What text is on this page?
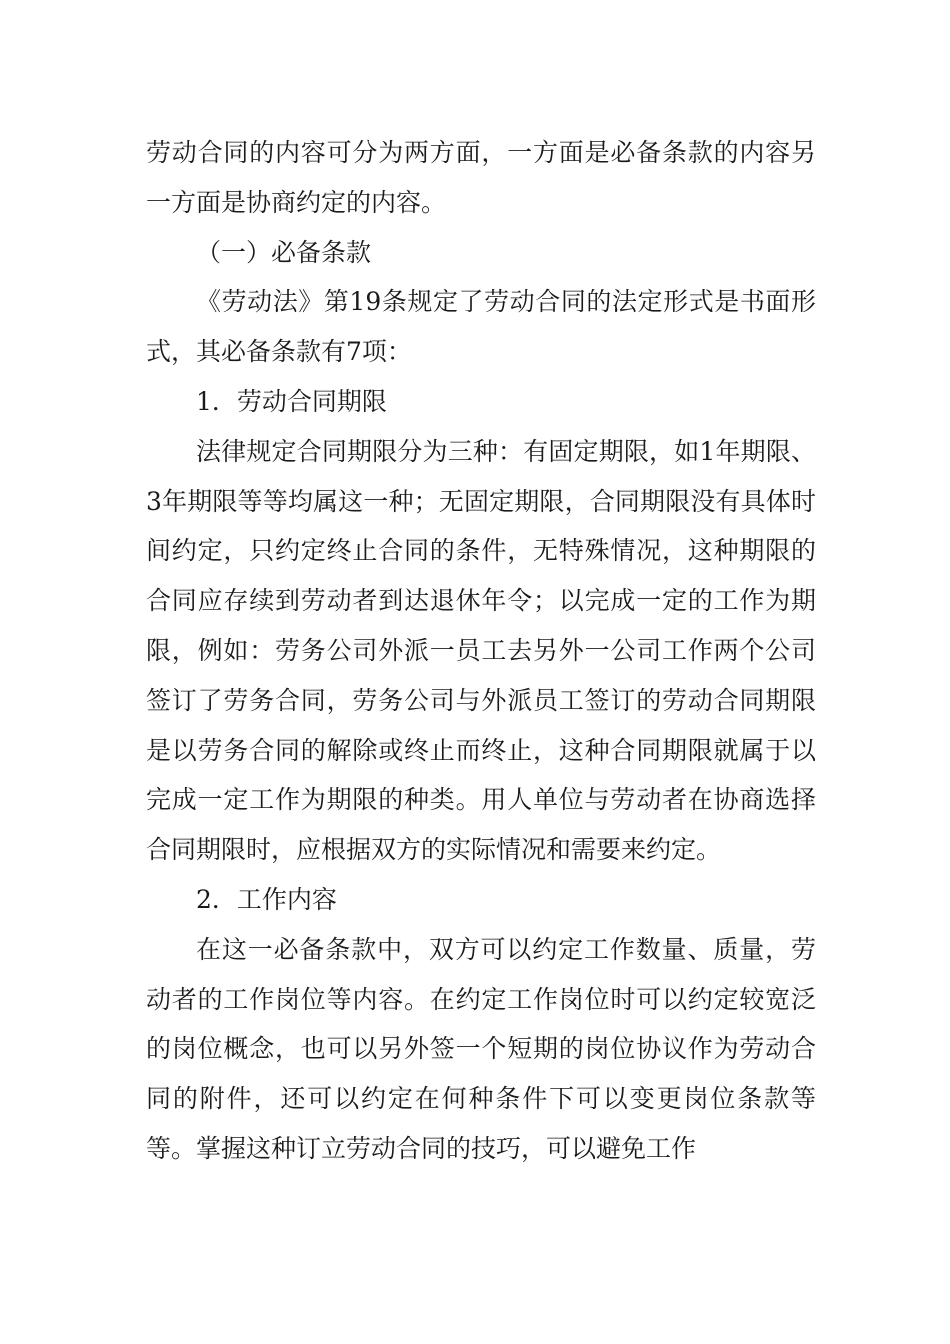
劳动合同的内容可分为两方面，一方面是必备条款的内容另一方面是协商约定的内容。

（一）必备条款

《劳动法》第19条规定了劳动合同的法定形式是书面形式，其必备条款有7项：

1．劳动合同期限

法律规定合同期限分为三种：有固定期限，如1年期限、3年期限等等均属这一种；无固定期限，合同期限没有具体时间约定，只约定终止合同的条件，无特殊情况，这种期限的合同应存续到劳动者到达退休年令；以完成一定的工作为期限，例如：劳务公司外派一员工去另外一公司工作两个公司签订了劳务合同，劳务公司与外派员工签订的劳动合同期限是以劳务合同的解除或终止而终止，这种合同期限就属于以完成一定工作为期限的种类。用人单位与劳动者在协商选择合同期限时，应根据双方的实际情况和需要来约定。

2．工作内容

在这一必备条款中，双方可以约定工作数量、质量，劳动者的工作岗位等内容。在约定工作岗位时可以约定较宽泛的岗位概念，也可以另外签一个短期的岗位协议作为劳动合同的附件，还可以约定在何种条件下可以变更岗位条款等等。掌握这种订立劳动合同的技巧，可以避免工作
